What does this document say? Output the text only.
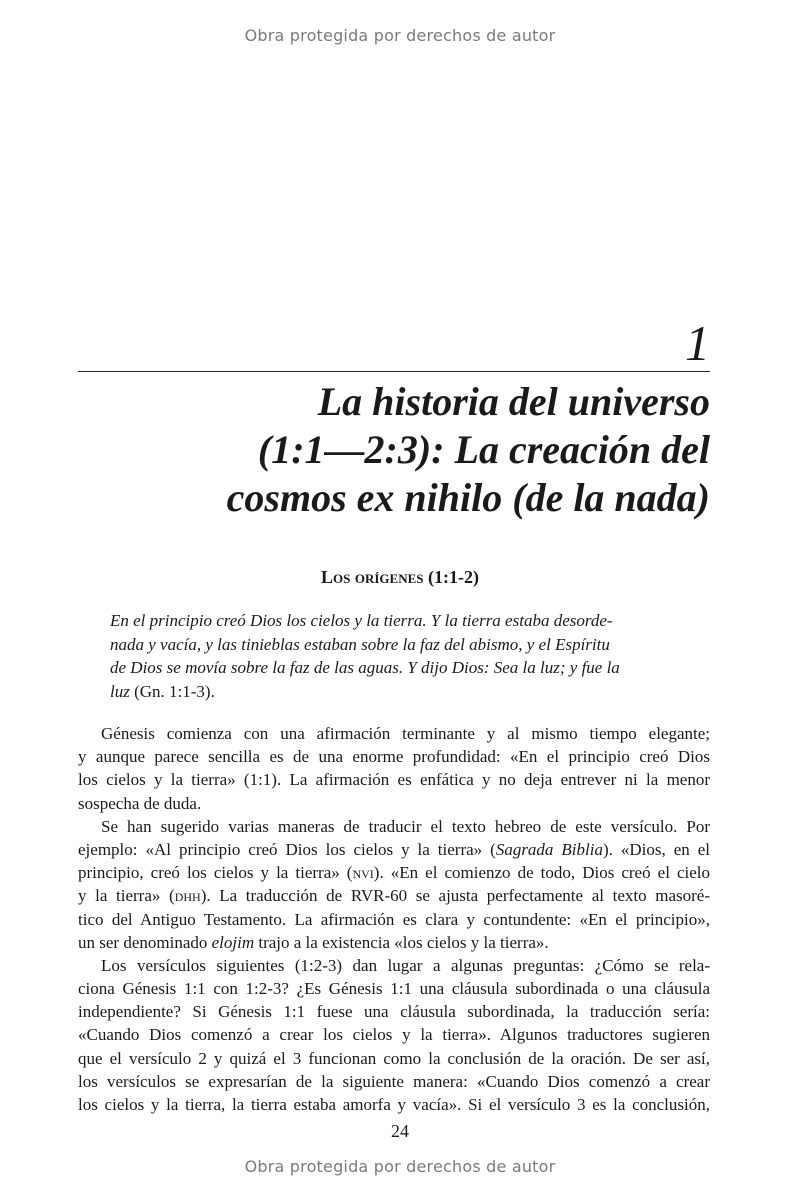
Obra protegida por derechos de autor
1
La historia del universo
(1:1—2:3): La creación del
cosmos ex nihilo (de la nada)
Los orígenes (1:1-2)
En el principio creó Dios los cielos y la tierra. Y la tierra estaba desorde-
nada y vacía, y las tinieblas estaban sobre la faz del abismo, y el Espíritu
de Dios se movía sobre la faz de las aguas. Y dijo Dios: Sea la luz; y fue la
luz (Gn. 1:1-3).
Génesis comienza con una afirmación terminante y al mismo tiempo elegante;
y aunque parece sencilla es de una enorme profundidad: «En el principio creó Dios
los cielos y la tierra» (1:1). La afirmación es enfática y no deja entrever ni la menor
sospecha de duda.
Se han sugerido varias maneras de traducir el texto hebreo de este versículo. Por
ejemplo: «Al principio creó Dios los cielos y la tierra» (Sagrada Biblia). «Dios, en el
principio, creó los cielos y la tierra» (nvi). «En el comienzo de todo, Dios creó el cielo
y la tierra» (dhh). La traducción de RVR-60 se ajusta perfectamente al texto masoré-
tico del Antiguo Testamento. La afirmación es clara y contundente: «En el principio»,
un ser denominado elojim trajo a la existencia «los cielos y la tierra».
Los versículos siguientes (1:2-3) dan lugar a algunas preguntas: ¿Cómo se rela-
ciona Génesis 1:1 con 1:2-3? ¿Es Génesis 1:1 una cláusula subordinada o una cláusula
independiente? Si Génesis 1:1 fuese una cláusula subordinada, la traducción sería:
«Cuando Dios comenzó a crear los cielos y la tierra». Algunos traductores sugieren
que el versículo 2 y quizá el 3 funcionan como la conclusión de la oración. De ser así,
los versículos se expresarían de la siguiente manera: «Cuando Dios comenzó a crear
los cielos y la tierra, la tierra estaba amorfa y vacía». Si el versículo 3 es la conclusión,
24
Obra protegida por derechos de autor
